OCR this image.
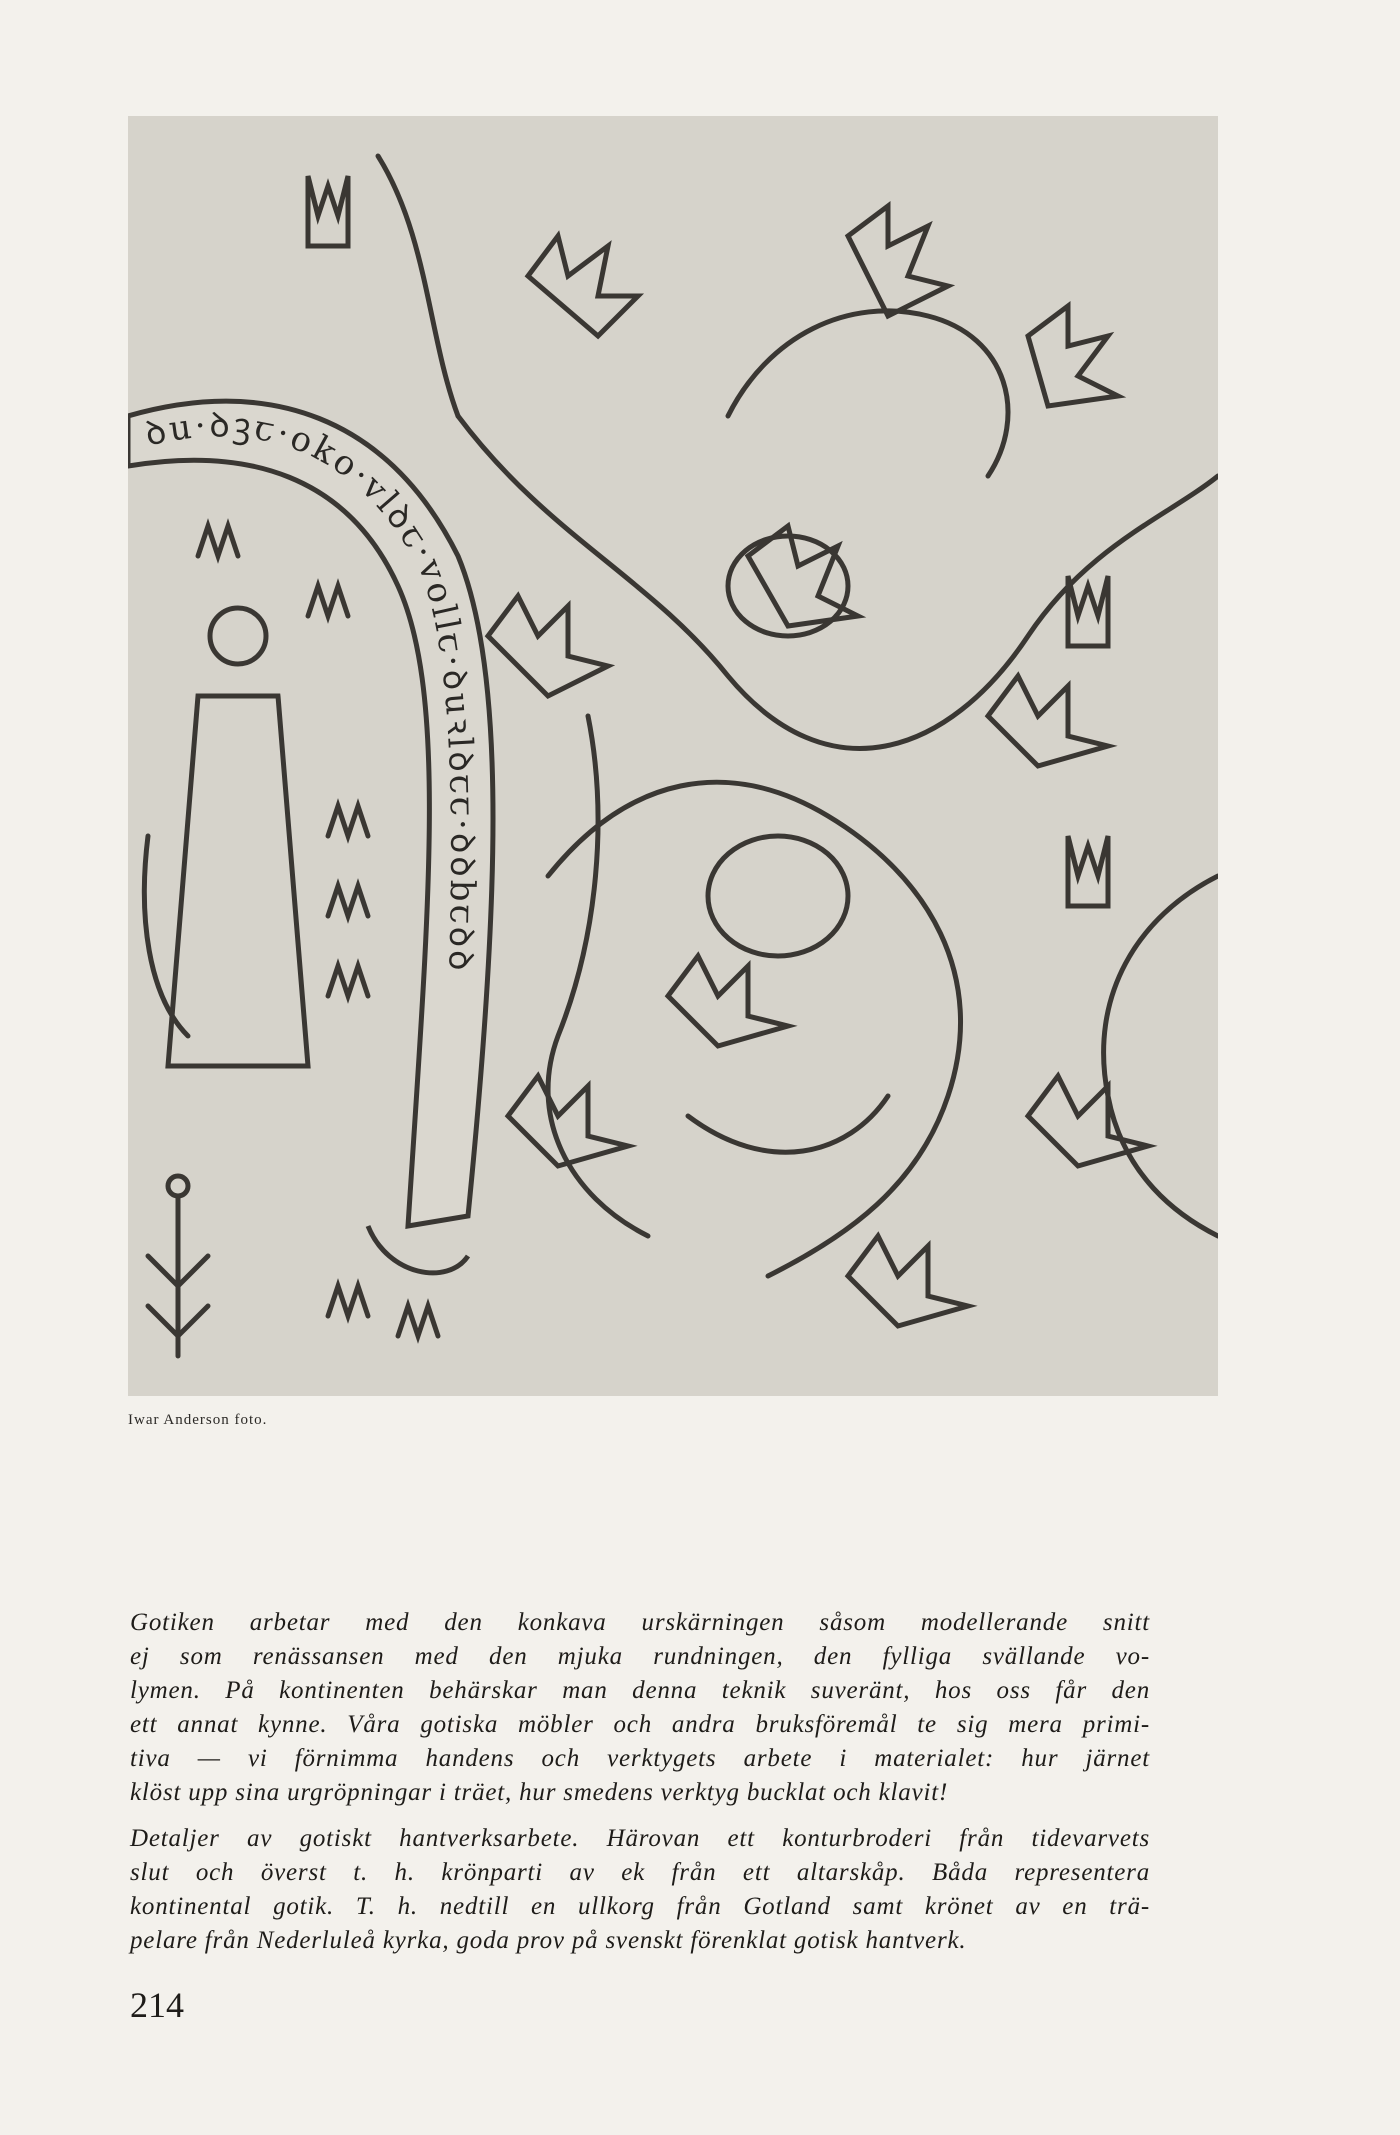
ꝺu·ꝺꝫꞇ·oko·vlꝺꞇ·vollꞇ·ꝺuꝛlꝺꞇꞇ·ꝺꝺbꞇꝺꝺ
Iwar Anderson foto.
Gotiken arbetar med den konkava urskärningen såsom modellerande snitt
ej som renässansen med den mjuka rundningen, den fylliga svällande vo-
lymen. På kontinenten behärskar man denna teknik suveränt, hos oss får den
ett annat kynne. Våra gotiska möbler och andra bruksföremål te sig mera primi-
tiva — vi förnimma handens och verktygets arbete i materialet: hur järnet
klöst upp sina urgröpningar i träet, hur smedens verktyg bucklat och klavit!
Detaljer av gotiskt hantverksarbete. Härovan ett konturbroderi från tidevarvets
slut och överst t. h. krönparti av ek från ett altarskåp. Båda representera
kontinental gotik. T. h. nedtill en ullkorg från Gotland samt krönet av en trä-
pelare från Nederluleå kyrka, goda prov på svenskt förenklat gotisk hantverk.
214
